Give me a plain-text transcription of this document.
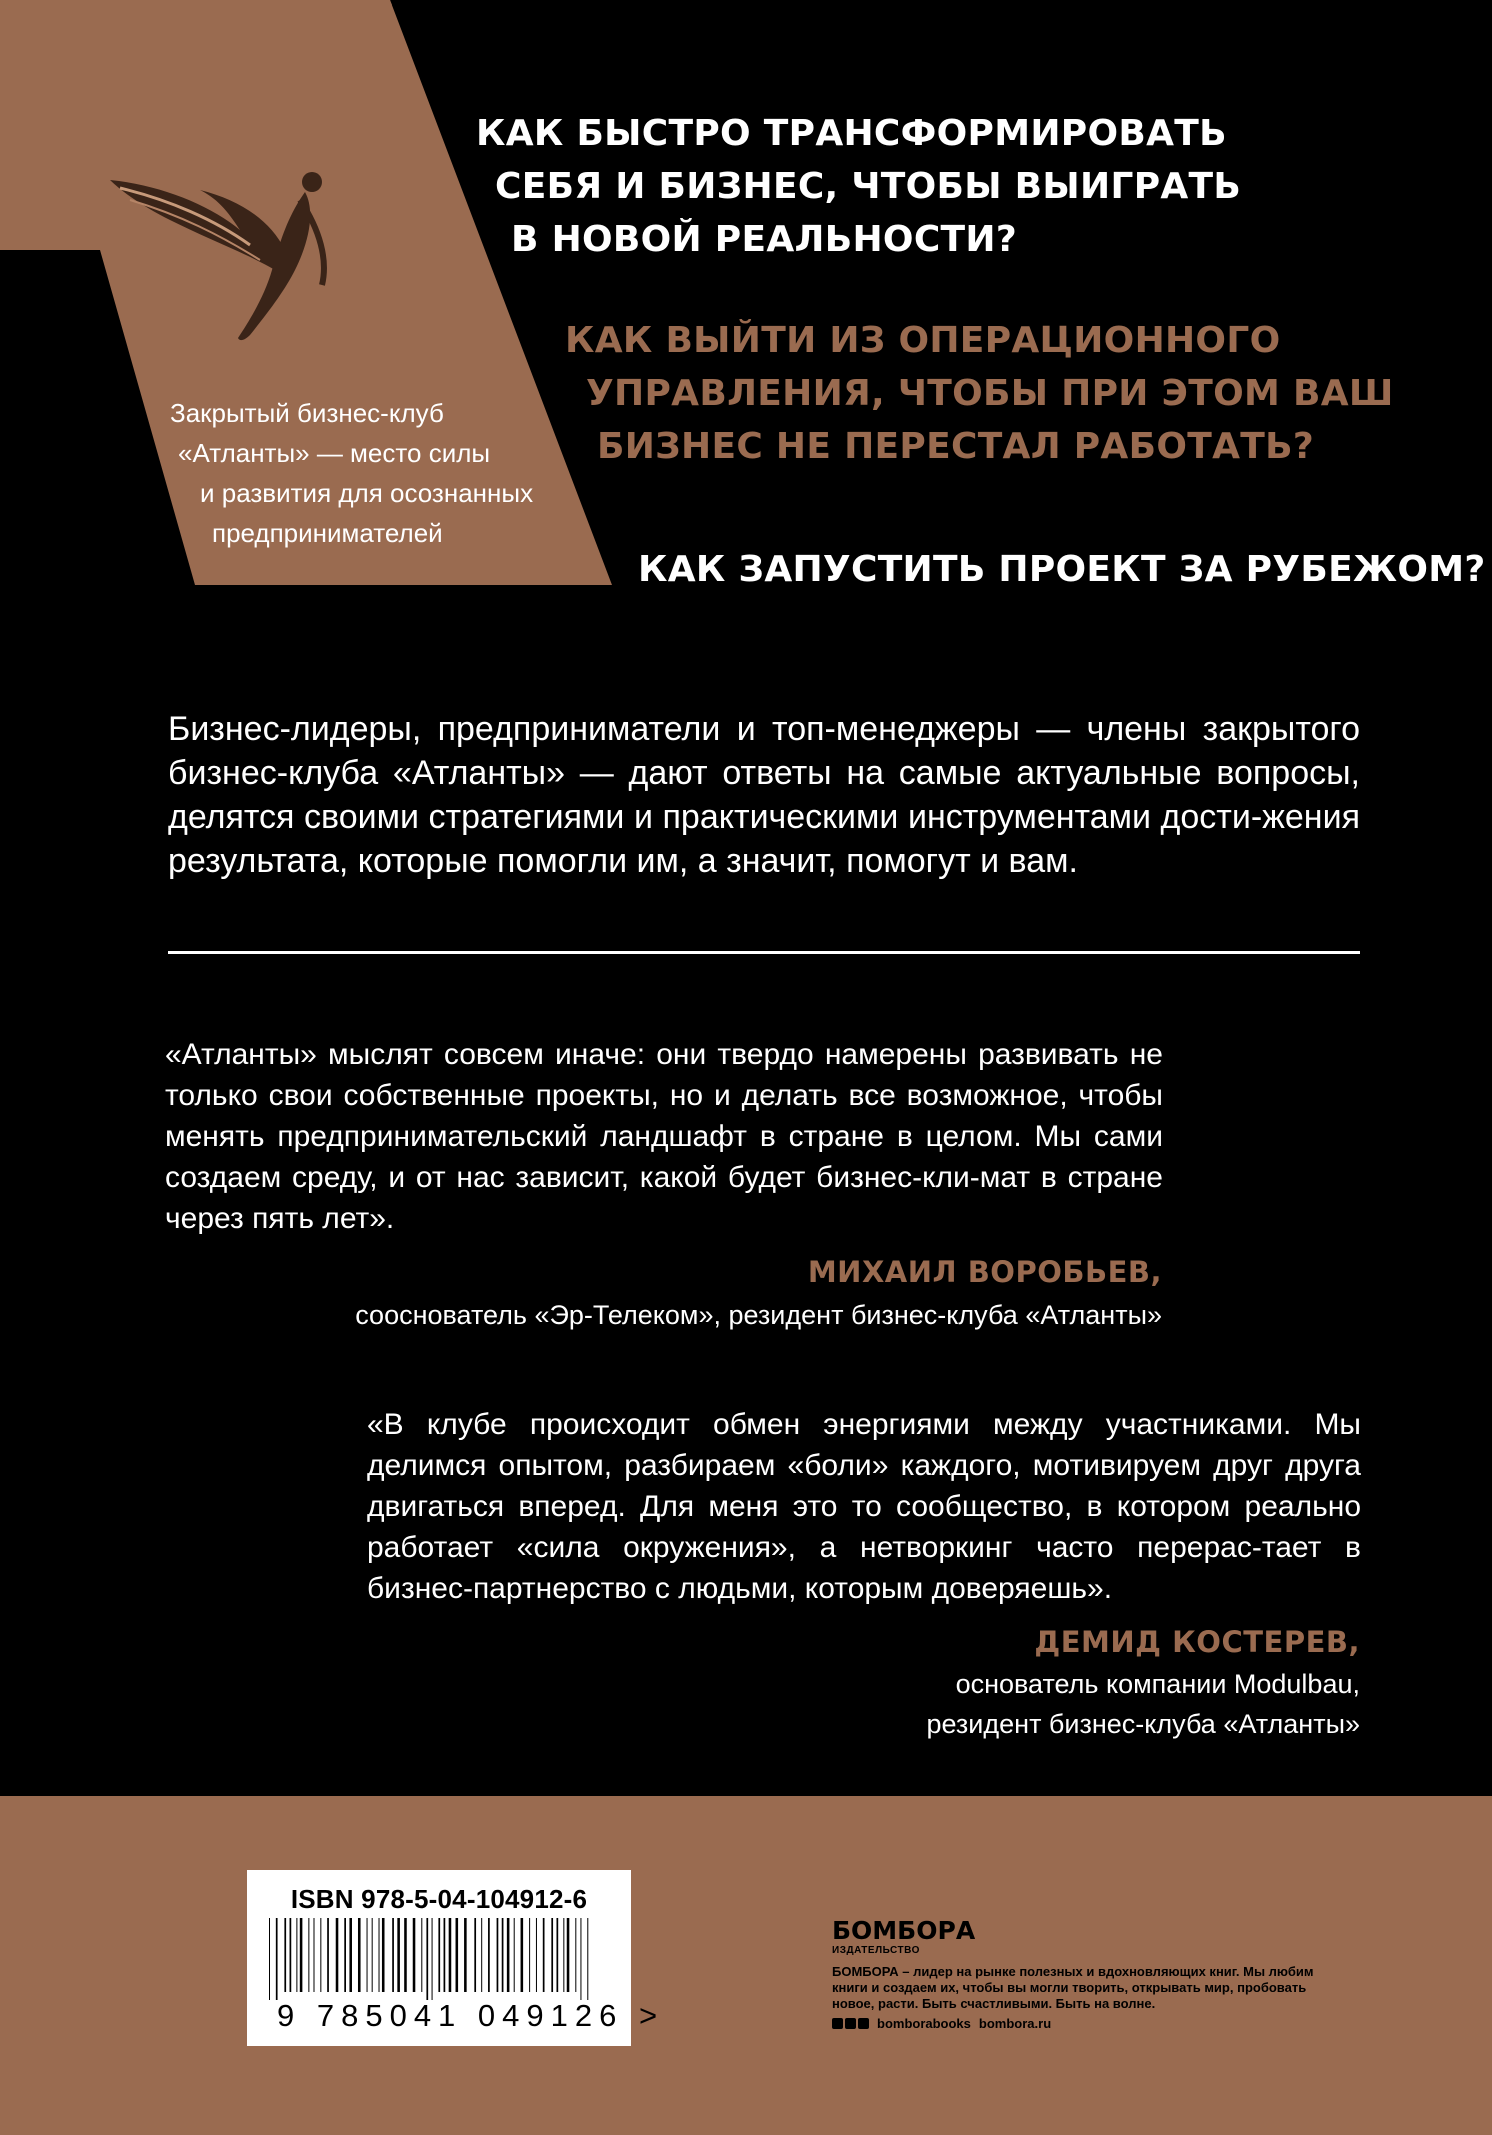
Закрытый бизнес-клуб
«Атланты» — место силы
и развития для осознанных
предпринимателей
КАК БЫСТРО ТРАНСФОРМИРОВАТЬ
СЕБЯ И БИЗНЕС, ЧТОБЫ ВЫИГРАТЬ
В НОВОЙ РЕАЛЬНОСТИ?
КАК ВЫЙТИ ИЗ ОПЕРАЦИОННОГО
УПРАВЛЕНИЯ, ЧТОБЫ ПРИ ЭТОМ ВАШ
БИЗНЕС НЕ ПЕРЕСТАЛ РАБОТАТЬ?
КАК ЗАПУСТИТЬ ПРОЕКТ ЗА РУБЕЖОМ?
Бизнес-лидеры, предприниматели и топ-менеджеры — члены закрытого бизнес-клуба «Атланты» — дают ответы на самые актуальные вопросы, делятся своими стратегиями и практическими инструментами дости-жения результата, которые помогли им, а значит, помогут и вам.
«Атланты» мыслят совсем иначе: они твердо намерены развивать не только свои собственные проекты, но и делать все возможное, чтобы менять предпринимательский ландшафт в стране в целом. Мы сами создаем среду, и от нас зависит, какой будет бизнес-кли-мат в стране через пять лет».
МИХАИЛ ВОРОБЬЕВ,
сооснователь «Эр-Телеком», резидент бизнес-клуба «Атланты»
«В клубе происходит обмен энергиями между участниками. Мы делимся опытом, разбираем «боли» каждого, мотивируем друг друга двигаться вперед. Для меня это то сообщество, в котором реально работает «сила окружения», а нетворкинг часто перерас-тает в бизнес-партнерство с людьми, которым доверяешь».
ДЕМИД КОСТЕРЕВ,
основатель компании Modulbau,
резидент бизнес-клуба «Атланты»
ISBN 978-5-04-104912-6
9 785041 049126 >
БОМБОРА
ИЗДАТЕЛЬСТВО
БОМБОРА – лидер на рынке полезных и вдохновляющих книг. Мы любим книги и создаем их, чтобы вы могли творить, открывать мир, пробовать новое, расти. Быть счастливыми. Быть на волне.
bomborabooks bombora.ru
